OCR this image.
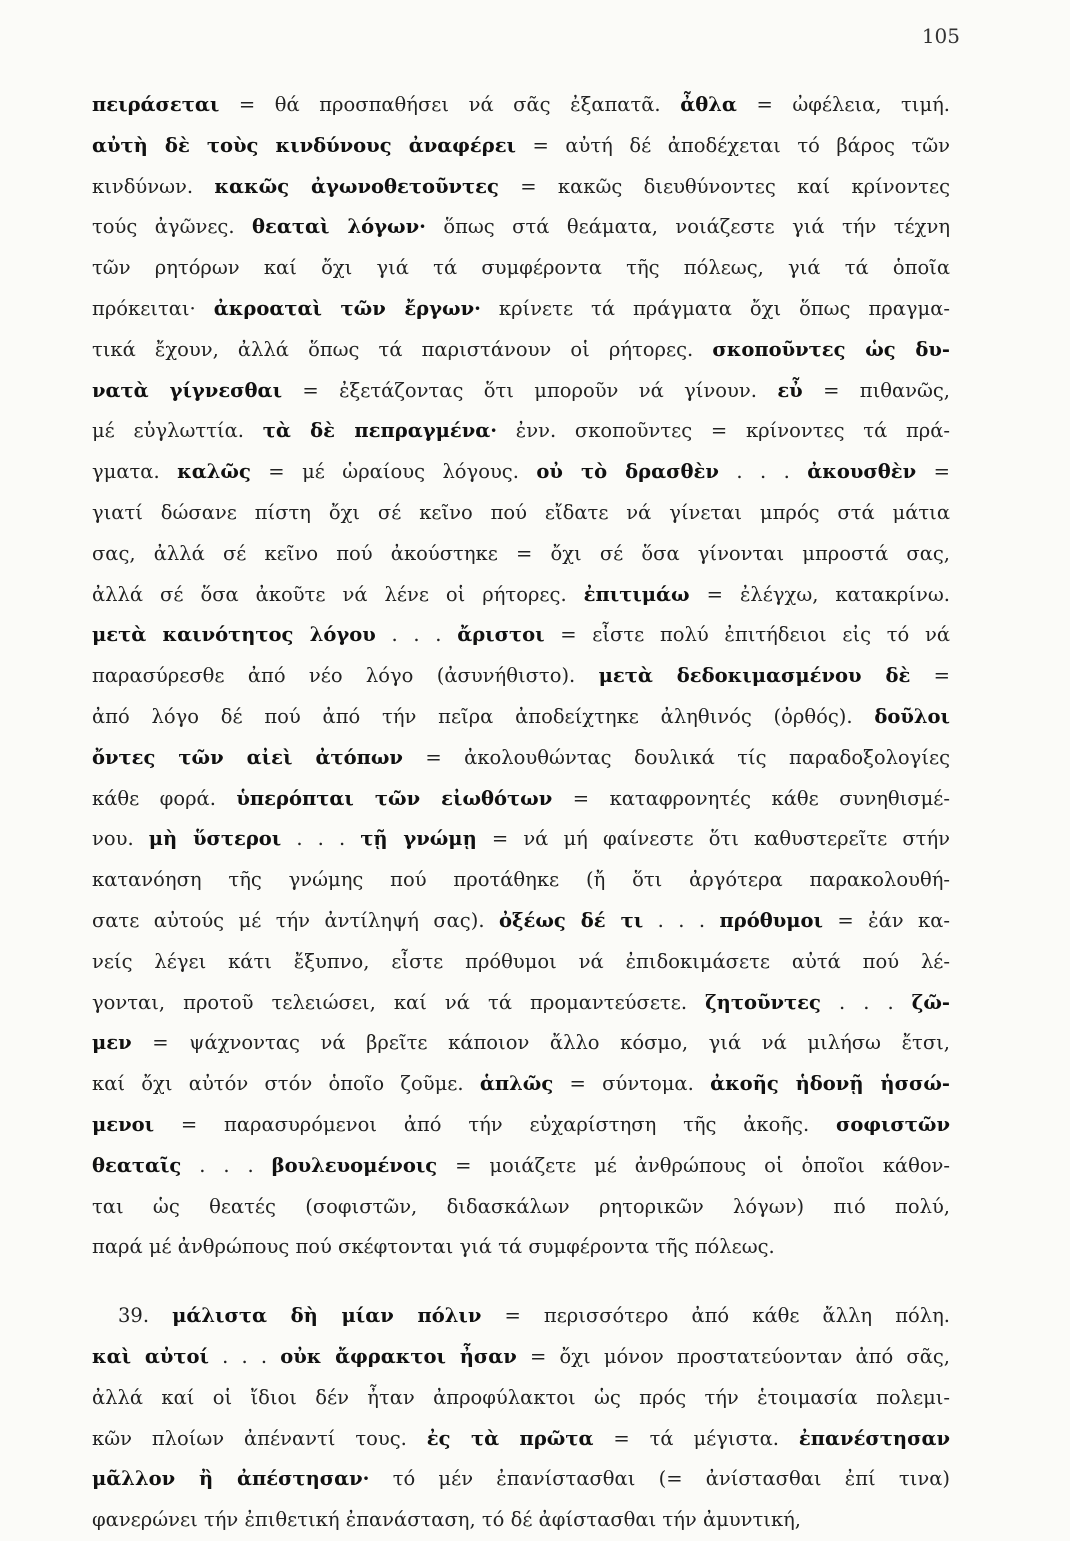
105
πειράσεται = θά προσπαθήσει νά σᾶς ἐξαπατᾶ. ἆθλα = ὠφέλεια, τιμή.
αὐτὴ δὲ τοὺς κινδύνους ἀναφέρει = αὐτή δέ ἀποδέχεται τό βάρος τῶν
κινδύνων. κακῶς ἀγωνοθετοῦντες = κακῶς διευθύνοντες καί κρίνοντες
τούς ἀγῶνες. θεαταὶ λόγων· ὅπως στά θεάματα, νοιάζεστε γιά τήν τέχνη
τῶν ρητόρων καί ὄχι γιά τά συμφέροντα τῆς πόλεως, γιά τά ὁποῖα
πρόκειται· ἀκροαταὶ τῶν ἔργων· κρίνετε τά πράγματα ὄχι ὅπως πραγμα-
τικά ἔχουν, ἀλλά ὅπως τά παριστάνουν οἱ ρήτορες. σκοποῦντες ὡς δυ-
νατὰ γίγνεσθαι = ἐξετάζοντας ὅτι μποροῦν νά γίνουν. εὖ = πιθανῶς,
μέ εὐγλωττία. τὰ δὲ πεπραγμένα· ἐνν. σκοποῦντες = κρίνοντες τά πρά-
γματα. καλῶς = μέ ὡραίους λόγους. οὐ τὸ δρασθὲν . . . ἀκουσθὲν =
γιατί δώσανε πίστη ὄχι σέ κεῖνο πού εἴδατε νά γίνεται μπρός στά μάτια
σας, ἀλλά σέ κεῖνο πού ἀκούστηκε = ὄχι σέ ὅσα γίνονται μπροστά σας,
ἀλλά σέ ὅσα ἀκοῦτε νά λένε οἱ ρήτορες. ἐπιτιμάω = ἐλέγχω, κατακρίνω.
μετὰ καινότητος λόγου . . . ἄριστοι = εἶστε πολύ ἐπιτήδειοι εἰς τό νά
παρασύρεσθε ἀπό νέο λόγο (ἀσυνήθιστο). μετὰ δεδοκιμασμένου δὲ =
ἀπό λόγο δέ πού ἀπό τήν πεῖρα ἀποδείχτηκε ἀληθινός (ὀρθός). δοῦλοι
ὄντες τῶν αἰεὶ ἀτόπων = ἀκολουθώντας δουλικά τίς παραδοξολογίες
κάθε φορά. ὑπερόπται τῶν εἰωθότων = καταφρονητές κάθε συνηθισμέ-
νου. μὴ ὕστεροι . . . τῇ γνώμῃ = νά μή φαίνεστε ὅτι καθυστερεῖτε στήν
κατανόηση τῆς γνώμης πού προτάθηκε (ἤ ὅτι ἀργότερα παρακολουθή-
σατε αὐτούς μέ τήν ἀντίληψή σας). ὀξέως δέ τι . . . πρόθυμοι = ἐάν κα-
νείς λέγει κάτι ἔξυπνο, εἶστε πρόθυμοι νά ἐπιδοκιμάσετε αὐτά πού λέ-
γονται, προτοῦ τελειώσει, καί νά τά προμαντεύσετε. ζητοῦντες . . . ζῶ-
μεν = ψάχνοντας νά βρεῖτε κάποιον ἄλλο κόσμο, γιά νά μιλήσω ἔτσι,
καί ὄχι αὐτόν στόν ὁποῖο ζοῦμε. ἁπλῶς = σύντομα. ἀκοῆς ἡδονῇ ἡσσώ-
μενοι = παρασυρόμενοι ἀπό τήν εὐχαρίστηση τῆς ἀκοῆς. σοφιστῶν
θεαταῖς . . . βουλευομένοις = μοιάζετε μέ ἀνθρώπους οἱ ὁποῖοι κάθον-
ται ὡς θεατές (σοφιστῶν, διδασκάλων ρητορικῶν λόγων) πιό πολύ,
παρά μέ ἀνθρώπους πού σκέφτονται γιά τά συμφέροντα τῆς πόλεως.
39. μάλιστα δὴ μίαν πόλιν = περισσότερο ἀπό κάθε ἄλλη πόλη.
καὶ αὐτοί . . . οὐκ ἄφρακτοι ἦσαν = ὄχι μόνον προστατεύονταν ἀπό σᾶς,
ἀλλά καί οἱ ἴδιοι δέν ἦταν ἀπροφύλακτοι ὡς πρός τήν ἑτοιμασία πολεμι-
κῶν πλοίων ἀπέναντί τους. ἐς τὰ πρῶτα = τά μέγιστα. ἐπανέστησαν
μᾶλλον ἢ ἀπέστησαν· τό μέν ἐπανίστασθαι (= ἀνίστασθαι ἐπί τινα)
φανερώνει τήν ἐπιθετική ἐπανάσταση, τό δέ ἀφίστασθαι τήν ἀμυντική,
